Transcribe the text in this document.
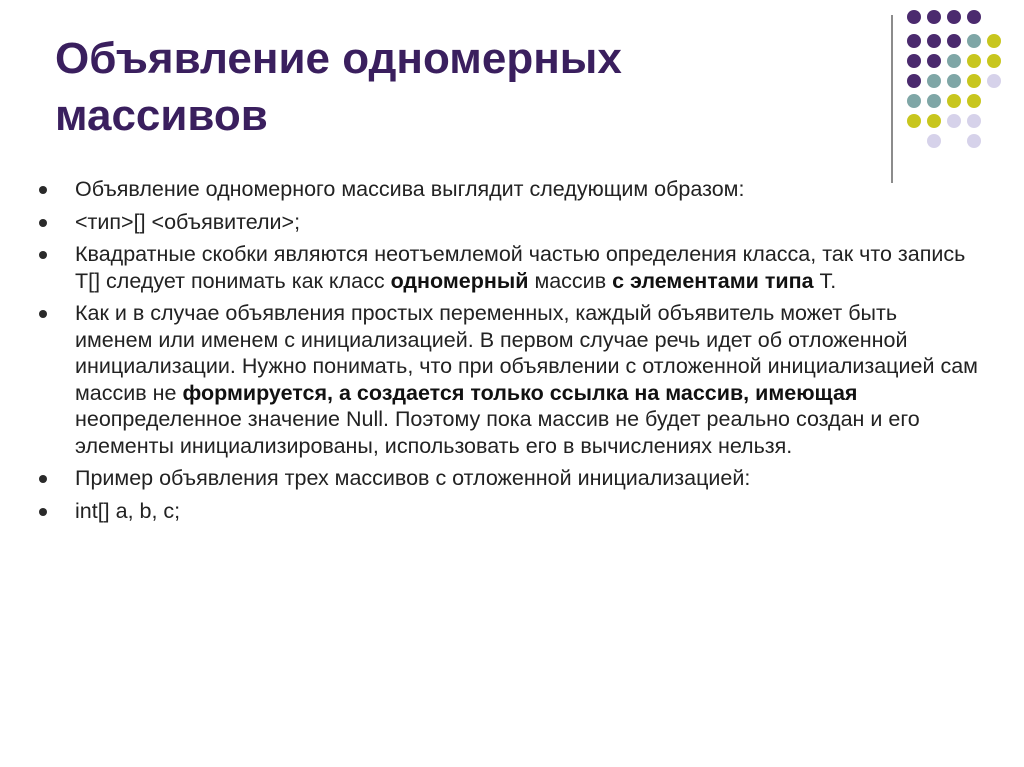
Объявление одномерных
массивов
Объявление одномерного массива выглядит следующим образом:
<тип>[] <объявители>;
Квадратные скобки являются неотъемлемой частью определения класса, так что запись T[] следует понимать как класс одномерный массив с элементами типа T.
Как и в случае объявления простых переменных, каждый объявитель может быть именем или именем с инициализацией. В первом случае речь идет об отложенной инициализации. Нужно понимать, что при объявлении с отложенной инициализацией сам массив не формируется, а создается только ссылка на массив, имеющая неопределенное значение Null. Поэтому пока массив не будет реально создан и его элементы инициализированы, использовать его в вычислениях нельзя.
Пример объявления трех массивов с отложенной инициализацией:
int[] a, b, c;
